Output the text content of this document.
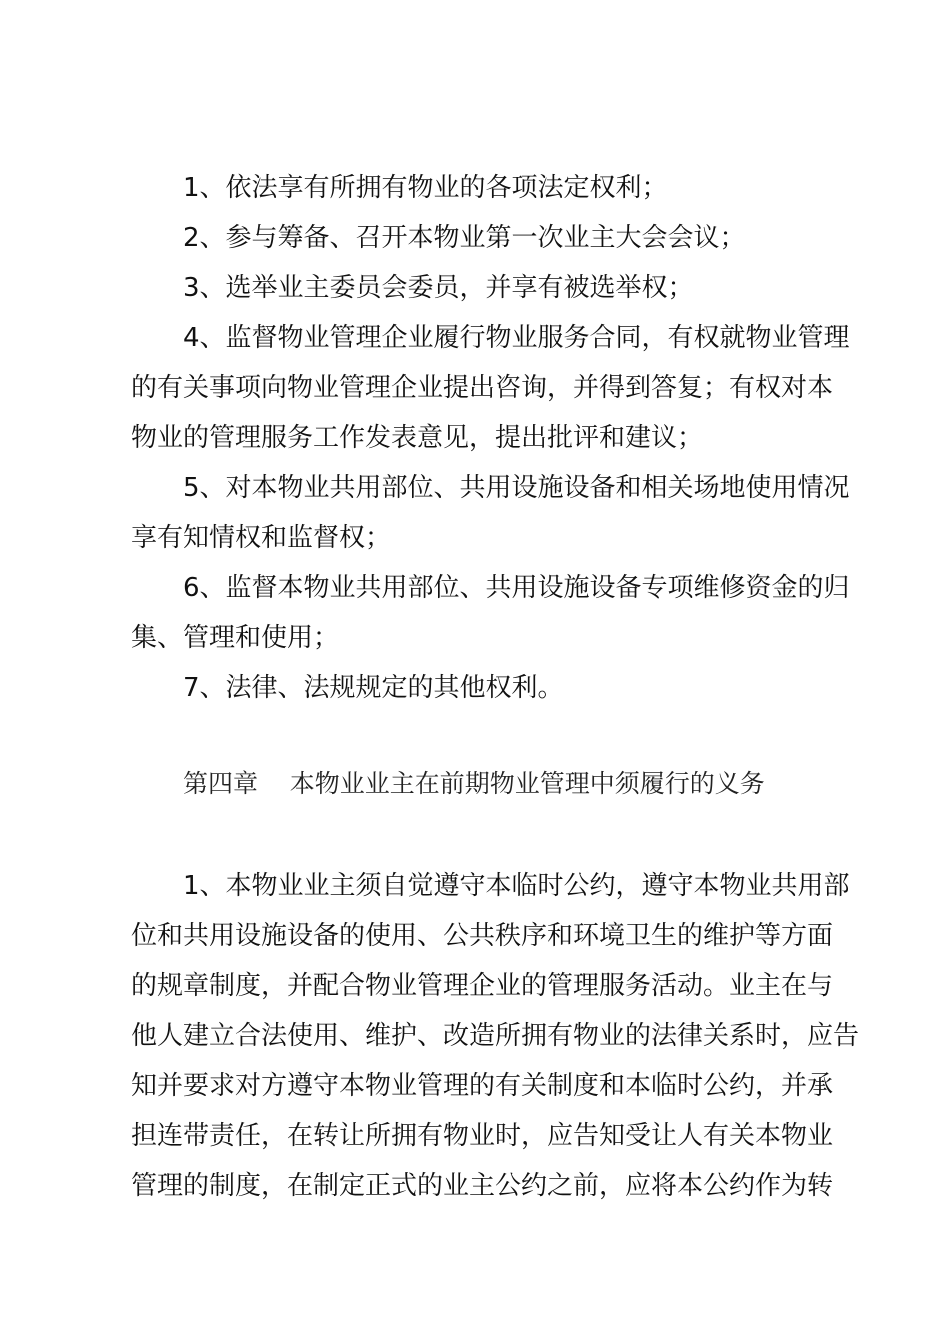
1、依法享有所拥有物业的各项法定权利；
2、参与筹备、召开本物业第一次业主大会会议；
3、选举业主委员会委员，并享有被选举权；
4、监督物业管理企业履行物业服务合同，有权就物业管理
的有关事项向物业管理企业提出咨询，并得到答复；有权对本
物业的管理服务工作发表意见，提出批评和建议；
5、对本物业共用部位、共用设施设备和相关场地使用情况
享有知情权和监督权；
6、监督本物业共用部位、共用设施设备专项维修资金的归
集、管理和使用；
7、法律、法规规定的其他权利。
第四章    本物业业主在前期物业管理中须履行的义务
1、本物业业主须自觉遵守本临时公约，遵守本物业共用部
位和共用设施设备的使用、公共秩序和环境卫生的维护等方面
的规章制度，并配合物业管理企业的管理服务活动。业主在与
他人建立合法使用、维护、改造所拥有物业的法律关系时，应告
知并要求对方遵守本物业管理的有关制度和本临时公约，并承
担连带责任，在转让所拥有物业时，应告知受让人有关本物业
管理的制度，在制定正式的业主公约之前，应将本公约作为转
